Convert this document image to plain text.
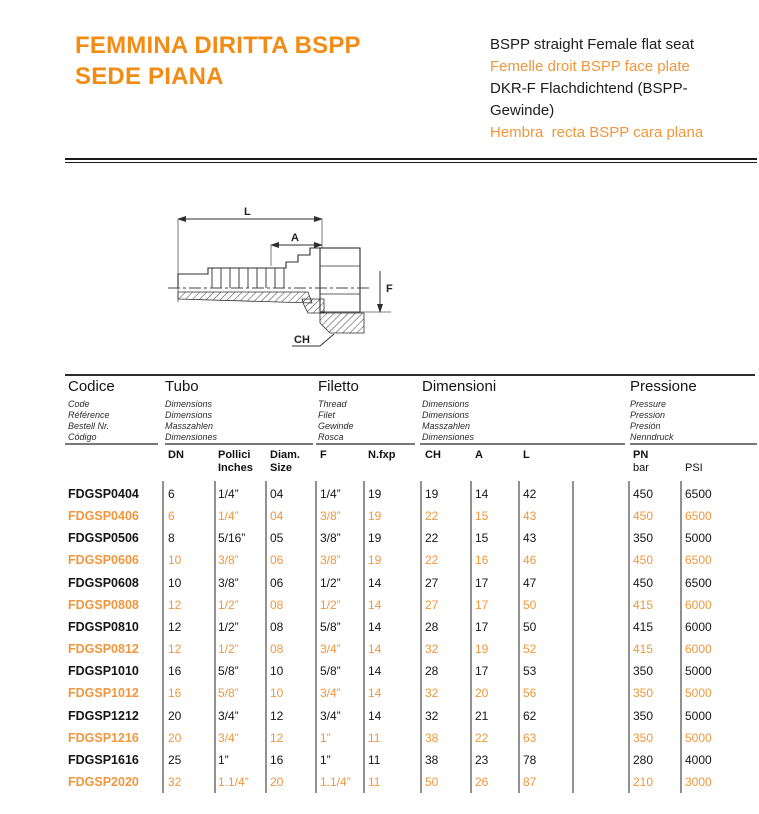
FEMMINA DIRITTA BSPP
SEDE PIANA
BSPP straight Female flat seat
Femelle droit BSPP face plate
DKR-F Flachdichtend (BSPP-
Gewinde)
Hembra  recta BSPP cara plana
L
A
F
CH
Codice
Code
Référence
Bestell Nr.
Código
Tubo
Dimensions
Dimensions
Masszahlen
Dimensiones
Filetto
Thread
Filet
Gewinde
Rosca
Dimensioni
Dimensions
Dimensions
Masszahlen
Dimensiones
Pressione
Pressure
Pression
Presión
Nenndruck
DN	Pollici
Inches
Diam.
Size
F	N.fxp	CH	A	L	PN
bar
	PSI
FDGSP0404 6	1/4”	04	1/4” 19	19	14	42	450	6500
FDGSP0406 6	1/4”	04	3/8” 19	22	15	43	450	6500
FDGSP0506 8	5/16” 05	3/8” 19	22	15	43	350	5000
FDGSP0606 10	3/8”	06	3/8” 19	22	16	46	450	6500
FDGSP0608 10	3/8”	06	1/2” 14	27	17	47	450	6500
FDGSP0808 12	1/2”	08	1/2” 14	27	17	50	415	6000
FDGSP0810 12	1/2”	08	5/8” 14	28	17	50	415	6000
FDGSP0812 12	1/2”	08	3/4” 14	32	19	52	415	6000
FDGSP1010 16	5/8”	10	5/8” 14	28	17	53	350	5000
FDGSP1012 16	5/8”	10	3/4” 14	32	20	56	350	5000
FDGSP1212 20	3/4”	12	3/4” 14	32	21	62	350	5000
FDGSP1216 20	3/4”	12	1”	11	38	22	63	350	5000
FDGSP1616 25	1”	16	1”	11	38	23	78	280	4000
FDGSP2020 32	1.1/4” 20	1.1/4” 11	50	26	87	210	3000
